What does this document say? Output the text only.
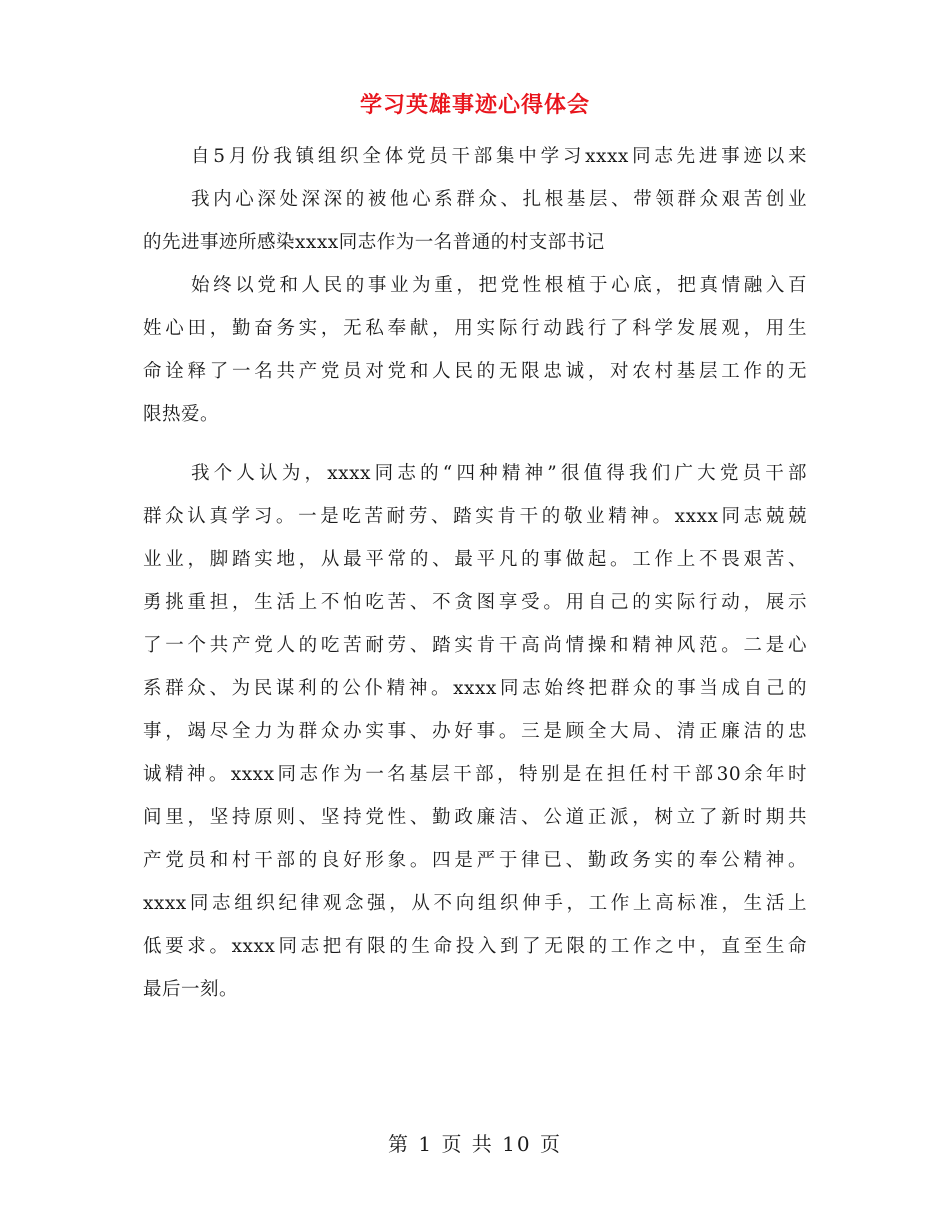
学习英雄事迹心得体会
自5月份我镇组织全体党员干部集中学习xxxx同志先进事迹以来
我内心深处深深的被他心系群众、扎根基层、带领群众艰苦创业
的先进事迹所感染xxxx同志作为一名普通的村支部书记
始终以党和人民的事业为重，把党性根植于心底，把真情融入百
姓心田，勤奋务实，无私奉献，用实际行动践行了科学发展观，用生
命诠释了一名共产党员对党和人民的无限忠诚，对农村基层工作的无
限热爱。
我个人认为，xxxx同志的“四种精神”很值得我们广大党员干部
群众认真学习。一是吃苦耐劳、踏实肯干的敬业精神。xxxx同志兢兢
业业，脚踏实地，从最平常的、最平凡的事做起。工作上不畏艰苦、
勇挑重担，生活上不怕吃苦、不贪图享受。用自己的实际行动，展示
了一个共产党人的吃苦耐劳、踏实肯干高尚情操和精神风范。二是心
系群众、为民谋利的公仆精神。xxxx同志始终把群众的事当成自己的
事，竭尽全力为群众办实事、办好事。三是顾全大局、清正廉洁的忠
诚精神。xxxx同志作为一名基层干部，特别是在担任村干部30余年时
间里，坚持原则、坚持党性、勤政廉洁、公道正派，树立了新时期共
产党员和村干部的良好形象。四是严于律已、勤政务实的奉公精神。
xxxx同志组织纪律观念强，从不向组织伸手，工作上高标准，生活上
低要求。xxxx同志把有限的生命投入到了无限的工作之中，直至生命
最后一刻。
第 1 页 共 10 页
